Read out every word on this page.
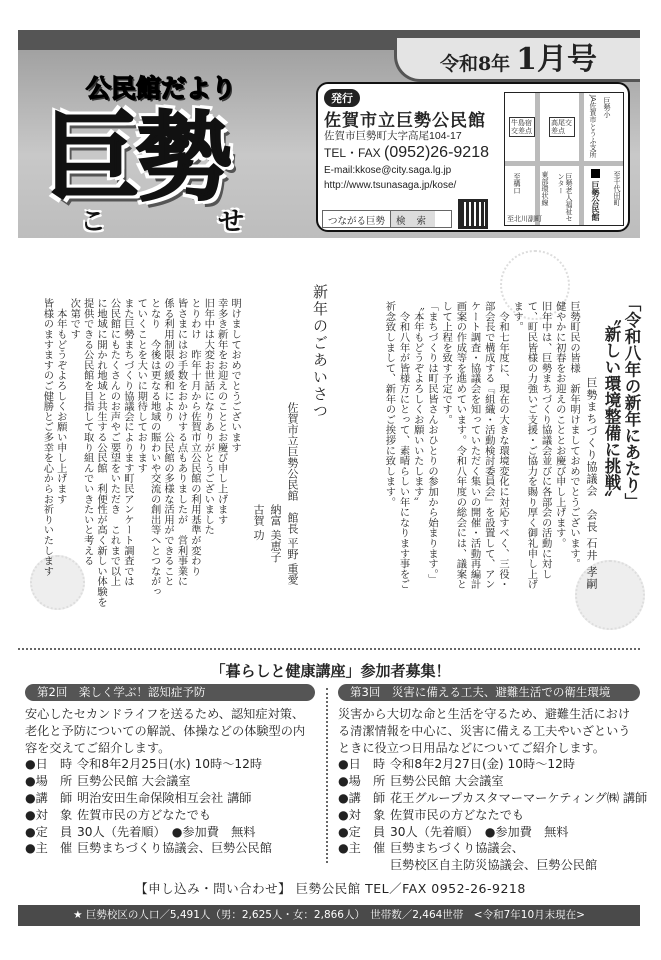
令和8年 1月号
公民館だより
巨勢
こ	せ
発行
佐賀市立巨勢公民館
佐賀市巨勢町大字高尾104-17
TEL・FAX (0952)26-9218
E-mail:kkose@city.saga.lg.jp
http://www.tsunasaga.jp/kose/
つながる巨勢	検 索
牛島宿交差点
高尾交差点	JA佐賀市とうふ支所 巨勢小
至千代田町
至構口	東部環状線	巨勢老人福祉センター	巨勢公民館
至北川副町
「令和八年の新年にあたり」
〝新しい環境整備に挑戦〟
巨勢まちづくり協議会　会長 石井 孝嗣
巨勢町民の皆様　新年明けましておめでとうございます。
健やかに初春をお迎えのこととお慶び申し上げます。
旧年中は、巨勢まちづくり協議会並びに各部会の活動に対し
て、町民皆様の力強いご支援・ご協力を賜り厚く御礼申し上げ
ます。
　令和七年度に、現在の大きな環境変化に対応すべく、三役・
部会長で構成する『組織・活動検討委員会』を設置して、アン
ケート調査・協議会を知っていただく集いの開催・活動再編計
画案の作成等を進めています。令和八年度の総会には、議案と
して上程を致す予定です。
「まちづくりは町民皆さんおひとりの参加から始まります。」
〝本年もどうぞよろしくお願いいたします〟
　令和八年が皆様方にとって、素晴らしい年になります事をご
祈念致しまして、新年のご挨拶に致します。
新年のごあいさつ
佐賀市立巨勢公民館　館長 平野 重愛
納富 美恵子
古賀 功
明けましておめでとうございます
幸多き新年をお迎えのこととお慶び申し上げます
旧年中は大変お世話になりありがとうございました
とりわけ　昨年十月から佐賀市立公民館の利用基準が変わり
皆さまにはお手数をおかけする点もありましたが　営利事業に
係る利用制限の緩和により　公民館の多様な活用ができること
となり　今後は更なる地域の賑わいや交流の創出等へとつながっ
ていくことを大いに期待しております
また巨勢まちづくり協議会によります町民アンケート調査では
公民館にもたくさんのお声やご要望をいただき　これまで以上
に地域に開かれ地域と共生する公民館　利便性が高く新しい体験を
提供できる公民館を目指して取り組んでいきたいと考える
次第です
　本年もどうぞよろしくお願い申し上げます
皆様のますますのご健勝とご多幸を心からお祈りいたします
「暮らしと健康講座」参加者募集！
第2回　楽しく学ぶ！認知症予防
安心したセカンドライフを送るため、認知症対策、老化と予防についての解説、体操などの体験型の内容を交えてご紹介します。
●日　時 令和8年2月25日(水) 10時～12時
●場　所 巨勢公民館 大会議室
●講　師 明治安田生命保険相互会社 講師
●対　象 佐賀市民の方どなたでも
●定　員 30人（先着順）　●参加費　無料
●主　催 巨勢まちづくり協議会、巨勢公民館
第3回　災害に備える工夫、避難生活での衛生環境
災害から大切な命と生活を守るため、避難生活における清潔情報を中心に、災害に備える工夫やいざというときに役立つ日用品などについてご紹介します。
●日　時 令和8年2月27日(金) 10時～12時
●場　所 巨勢公民館 大会議室
●講　師 花王グループカスタマーマーケティング㈱ 講師
●対　象 佐賀市民の方どなたでも
●定　員 30人（先着順）　●参加費　無料
●主　催 巨勢まちづくり協議会、
巨勢校区自主防災協議会、巨勢公民館
【申し込み・問い合わせ】 巨勢公民館 TEL／FAX 0952-26-9218
★ 巨勢校区の人口／5,491人（男：2,625人・女：2,866人）　世帯数／2,464世帯　<令和7年10月末現在>
